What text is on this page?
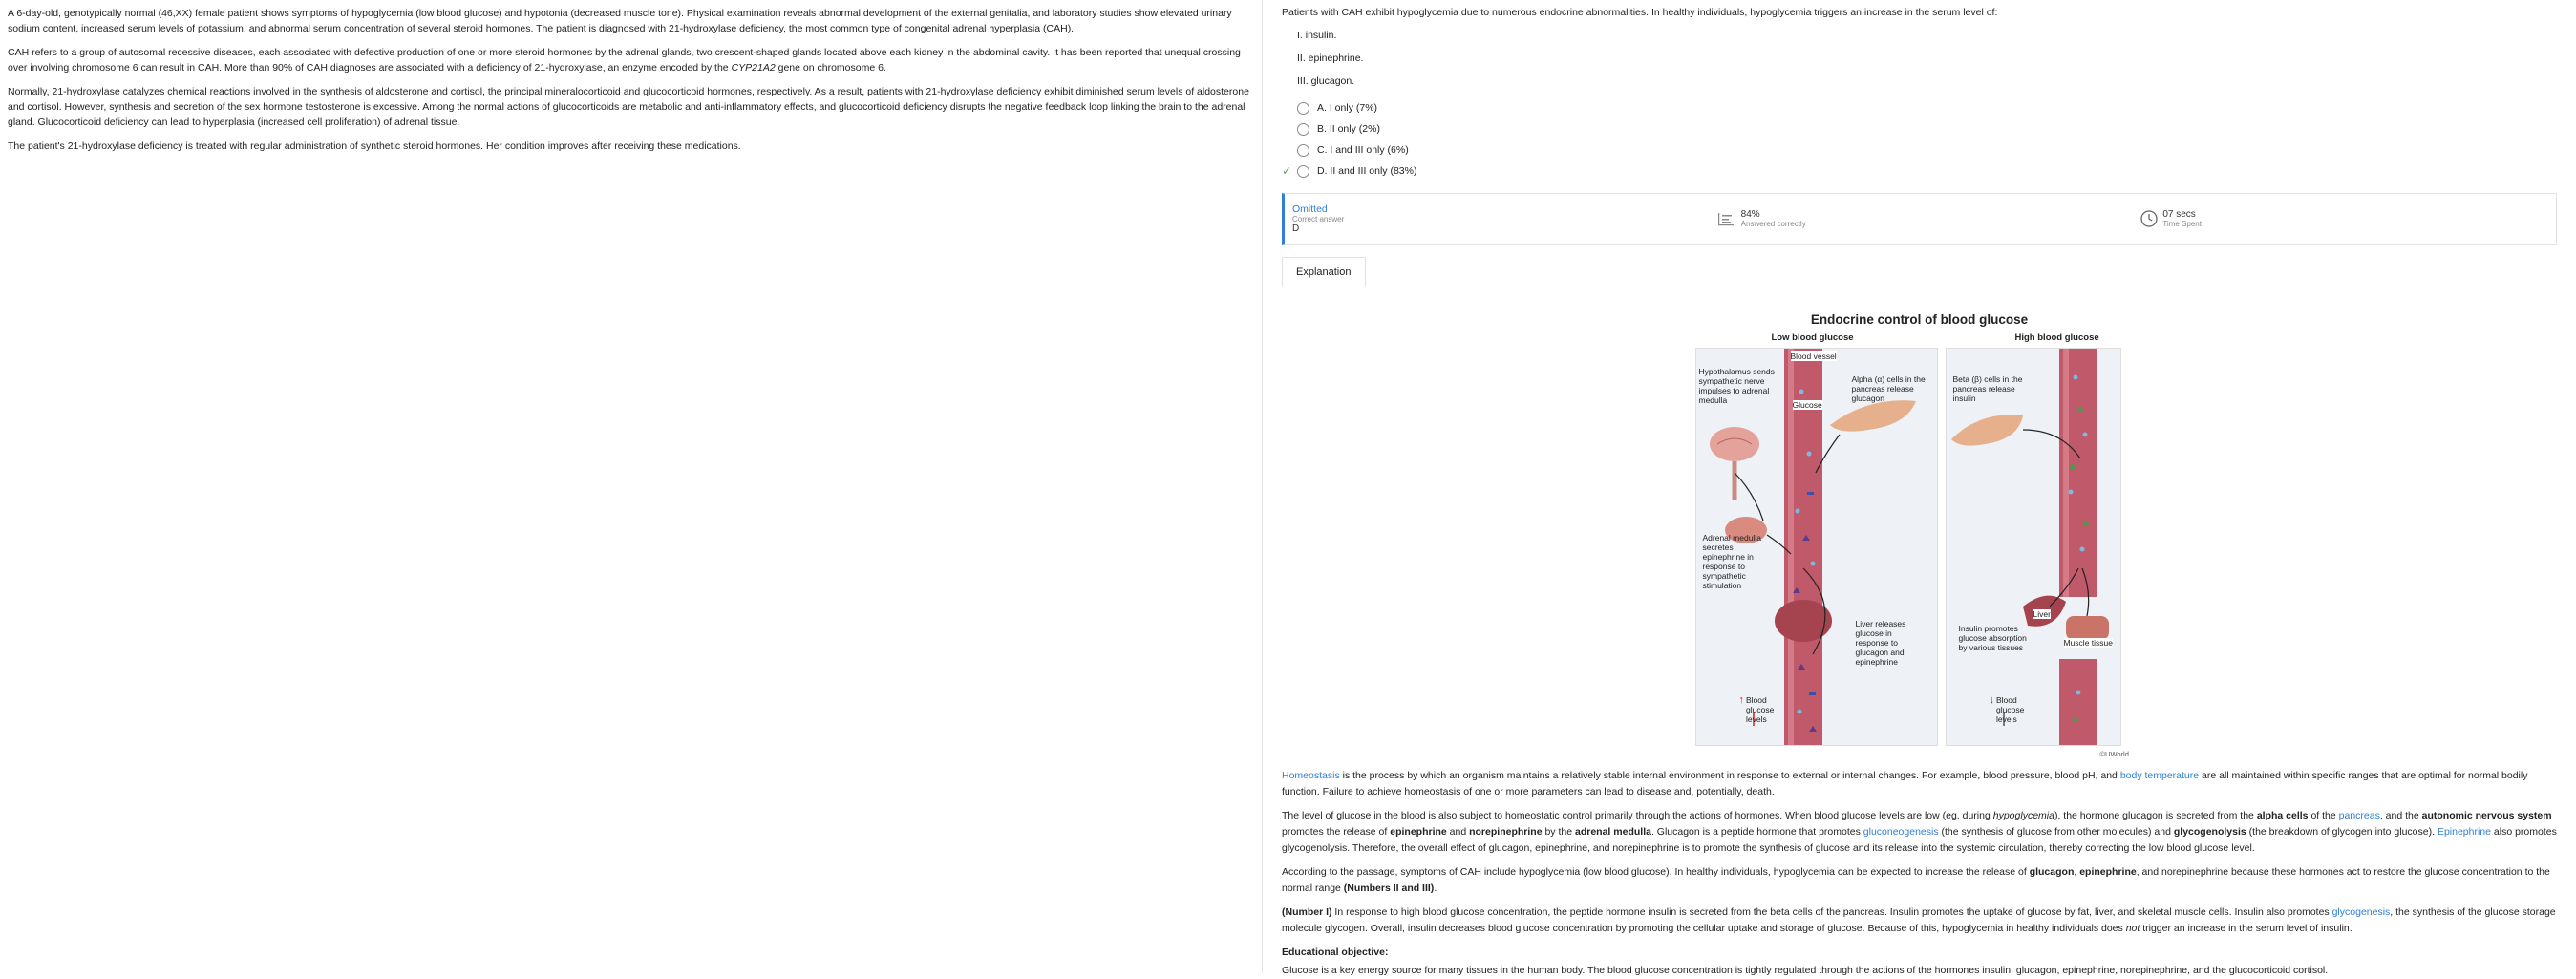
A 6-day-old, genotypically normal (46,XX) female patient shows symptoms of hypoglycemia (low blood glucose) and hypotonia (decreased muscle tone). Physical examination reveals abnormal development of the external genitalia, and laboratory studies show elevated urinary sodium content, increased serum levels of potassium, and abnormal serum concentration of several steroid hormones. The patient is diagnosed with 21-hydroxylase deficiency, the most common type of congenital adrenal hyperplasia (CAH).

CAH refers to a group of autosomal recessive diseases, each associated with defective production of one or more steroid hormones by the adrenal glands, two crescent-shaped glands located above each kidney in the abdominal cavity. It has been reported that unequal crossing over involving chromosome 6 can result in CAH. More than 90% of CAH diagnoses are associated with a deficiency of 21-hydroxylase, an enzyme encoded by the CYP21A2 gene on chromosome 6.

Normally, 21-hydroxylase catalyzes chemical reactions involved in the synthesis of aldosterone and cortisol, the principal mineralocorticoid and glucocorticoid hormones, respectively. As a result, patients with 21-hydroxylase deficiency exhibit diminished serum levels of aldosterone and cortisol. However, synthesis and secretion of the sex hormone testosterone is excessive. Among the normal actions of glucocorticoids are metabolic and anti-inflammatory effects, and glucocorticoid deficiency disrupts the negative feedback loop linking the brain to the adrenal gland. Glucocorticoid deficiency can lead to hyperplasia (increased cell proliferation) of adrenal tissue.

The patient's 21-hydroxylase deficiency is treated with regular administration of synthetic steroid hormones. Her condition improves after receiving these medications.

Patients with CAH exhibit hypoglycemia due to numerous endocrine abnormalities. In healthy individuals, hypoglycemia triggers an increase in the serum level of:

I. insulin.
II. epinephrine.
III. glucagon.
A.
I only
(7%)
B.
II only
(2%)
C.
I and III only
(6%)
✓	D.
II and III only
(83%)
Omitted
Correct answer
D
84%
Answered correctly
07 secs
Time Spent
Explanation
Endocrine control of blood glucose
Low blood glucose	High blood glucose
Blood vessel
Glucose
Hypothalamus sends sympathetic nerve impulses to adrenal medulla
Alpha (α) cells in the pancreas release glucagon
Beta (β) cells in the pancreas release insulin
Adrenal medulla secretes epinephrine in response to sympathetic stimulation
Liver releases glucose in response to glucagon and epinephrine
Insulin promotes glucose absorption by various tissues
Liver
Muscle tissue
↑ Blood glucose levels
↓ Blood glucose levels
©UWorld

Homeostasis is the process by which an organism maintains a relatively stable internal environment in response to external or internal changes. For example, blood pressure, blood pH, and body temperature are all maintained within specific ranges that are optimal for normal bodily function. Failure to achieve homeostasis of one or more parameters can lead to disease and, potentially, death.

The level of glucose in the blood is also subject to homeostatic control primarily through the actions of hormones. When blood glucose levels are low (eg, during hypoglycemia), the hormone glucagon is secreted from the alpha cells of the pancreas, and the autonomic nervous system promotes the release of epinephrine and norepinephrine by the adrenal medulla. Glucagon is a peptide hormone that promotes gluconeogenesis (the synthesis of glucose from other molecules) and glycogenolysis (the breakdown of glycogen into glucose). Epinephrine also promotes glycogenolysis. Therefore, the overall effect of glucagon, epinephrine, and norepinephrine is to promote the synthesis of glucose and its release into the systemic circulation, thereby correcting the low blood glucose level.

According to the passage, symptoms of CAH include hypoglycemia (low blood glucose). In healthy individuals, hypoglycemia can be expected to increase the release of glucagon, epinephrine, and norepinephrine because these hormones act to restore the glucose concentration to the normal range (Numbers II and III).

(Number I) In response to high blood glucose concentration, the peptide hormone insulin is secreted from the beta cells of the pancreas. Insulin promotes the uptake of glucose by fat, liver, and skeletal muscle cells. Insulin also promotes glycogenesis, the synthesis of the glucose storage molecule glycogen. Overall, insulin decreases blood glucose concentration by promoting the cellular uptake and storage of glucose. Because of this, hypoglycemia in healthy individuals does not trigger an increase in the serum level of insulin.

Educational objective:

Glucose is a key energy source for many tissues in the human body. The blood glucose concentration is tightly regulated through the actions of the hormones insulin, glucagon, epinephrine, norepinephrine, and the glucocorticoid cortisol.
